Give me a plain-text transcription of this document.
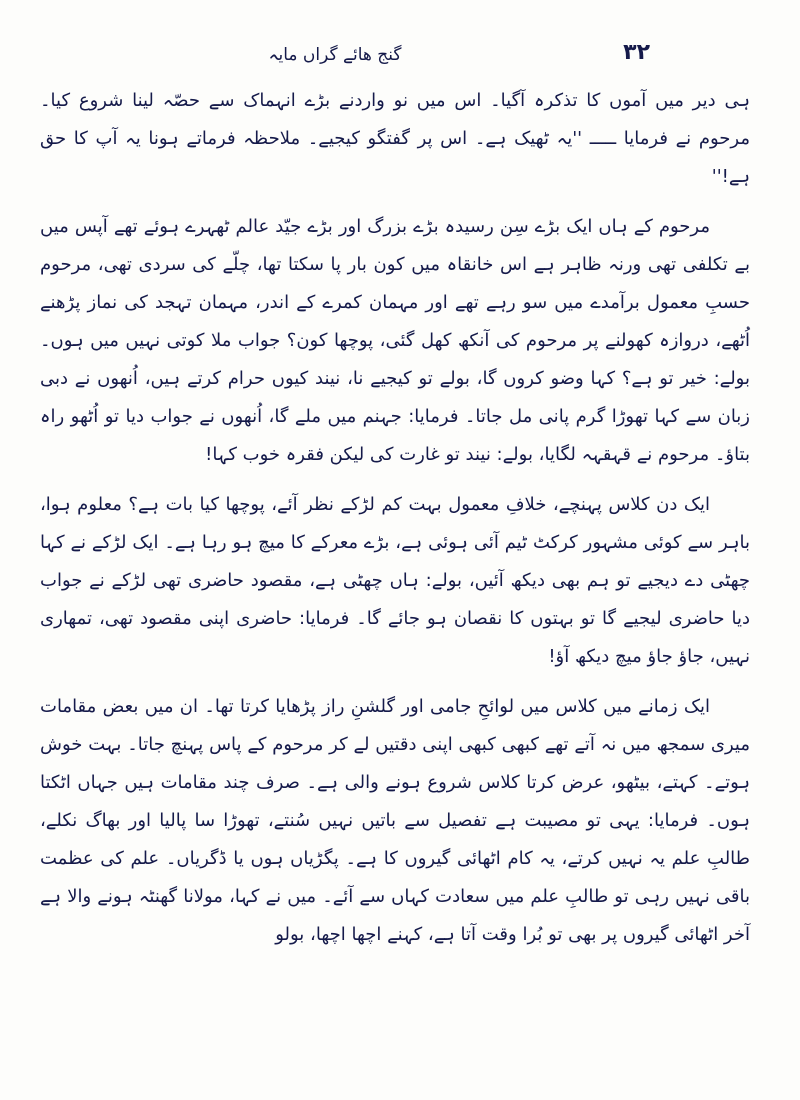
۳۲
گنج ھائے گراں مایہ

ہی دیر میں آموں کا تذکرہ آگیا۔ اس میں نو واردنے بڑے انہماک سے حصّہ لینا شروع کیا۔ مرحوم نے فرمایا ـــــ ''یہ ٹھیک ہے۔ اس پر گفتگو کیجیے۔ ملاحظہ فرماتے ہونا یہ آپ کا حق ہے!''

مرحوم کے ہاں ایک بڑے سِن رسیدہ بڑے بزرگ اور بڑے جیّد عالم ٹھہرے ہوئے تھے آپس میں بے تکلفی تھی ورنہ ظاہر ہے اس خانقاہ میں کون بار پا سکتا تھا، چلّے کی سردی تھی، مرحوم حسبِ معمول برآمدے میں سو رہے تھے اور مہمان کمرے کے اندر، مہمان تہجد کی نماز پڑھنے اُٹھے، دروازہ کھولنے پر مرحوم کی آنکھ کھل گئی، پوچھا کون؟ جواب ملا کوتی نہیں میں ہوں۔ بولے: خیر تو ہے؟ کہا وضو کروں گا، بولے تو کیجیے نا، نیند کیوں حرام کرتے ہیں، اُنھوں نے دبی زبان سے کہا تھوڑا گرم پانی مل جاتا۔ فرمایا: جہنم میں ملے گا، اُنھوں نے جواب دیا تو اُٹھو راہ بتاؤ۔ مرحوم نے قہقہہ لگایا، بولے: نیند تو غارت کی لیکن فقرہ خوب کہا!

ایک دن کلاس پہنچے، خلافِ معمول بہت کم لڑکے نظر آئے، پوچھا کیا بات ہے؟ معلوم ہوا، باہر سے کوئی مشہور کرکٹ ٹیم آئی ہوئی ہے، بڑے معرکے کا میچ ہو رہا ہے۔ ایک لڑکے نے کہا چھٹی دے دیجیے تو ہم بھی دیکھ آئیں، بولے: ہاں چھٹی ہے، مقصود حاضری تھی لڑکے نے جواب دیا حاضری لیجیے گا تو بہتوں کا نقصان ہو جائے گا۔ فرمایا: حاضری اپنی مقصود تھی، تمھاری نہیں، جاؤ جاؤ میچ دیکھ آؤ!

ایک زمانے میں کلاس میں لوائحِ جامی اور گلشنِ راز پڑھایا کرتا تھا۔ ان میں بعض مقامات میری سمجھ میں نہ آتے تھے کبھی کبھی اپنی دقتیں لے کر مرحوم کے پاس پہنچ جاتا۔ بہت خوش ہوتے۔ کہتے، بیٹھو، عرض کرتا کلاس شروع ہونے والی ہے۔ صرف چند مقامات ہیں جہاں اٹکتا ہوں۔ فرمایا: یہی تو مصیبت ہے تفصیل سے باتیں نہیں سُنتے، تھوڑا سا پالیا اور بھاگ نکلے، طالبِ علم یہ نہیں کرتے، یہ کام اٹھائی گیروں کا ہے۔ پگڑیاں ہوں یا ڈگریاں۔ علم کی عظمت باقی نہیں رہی تو طالبِ علم میں سعادت کہاں سے آئے۔ میں نے کہا، مولانا گھنٹہ ہونے والا ہے آخر اٹھائی گیروں پر بھی تو بُرا وقت آتا ہے، کہنے اچھا اچھا، بولو
